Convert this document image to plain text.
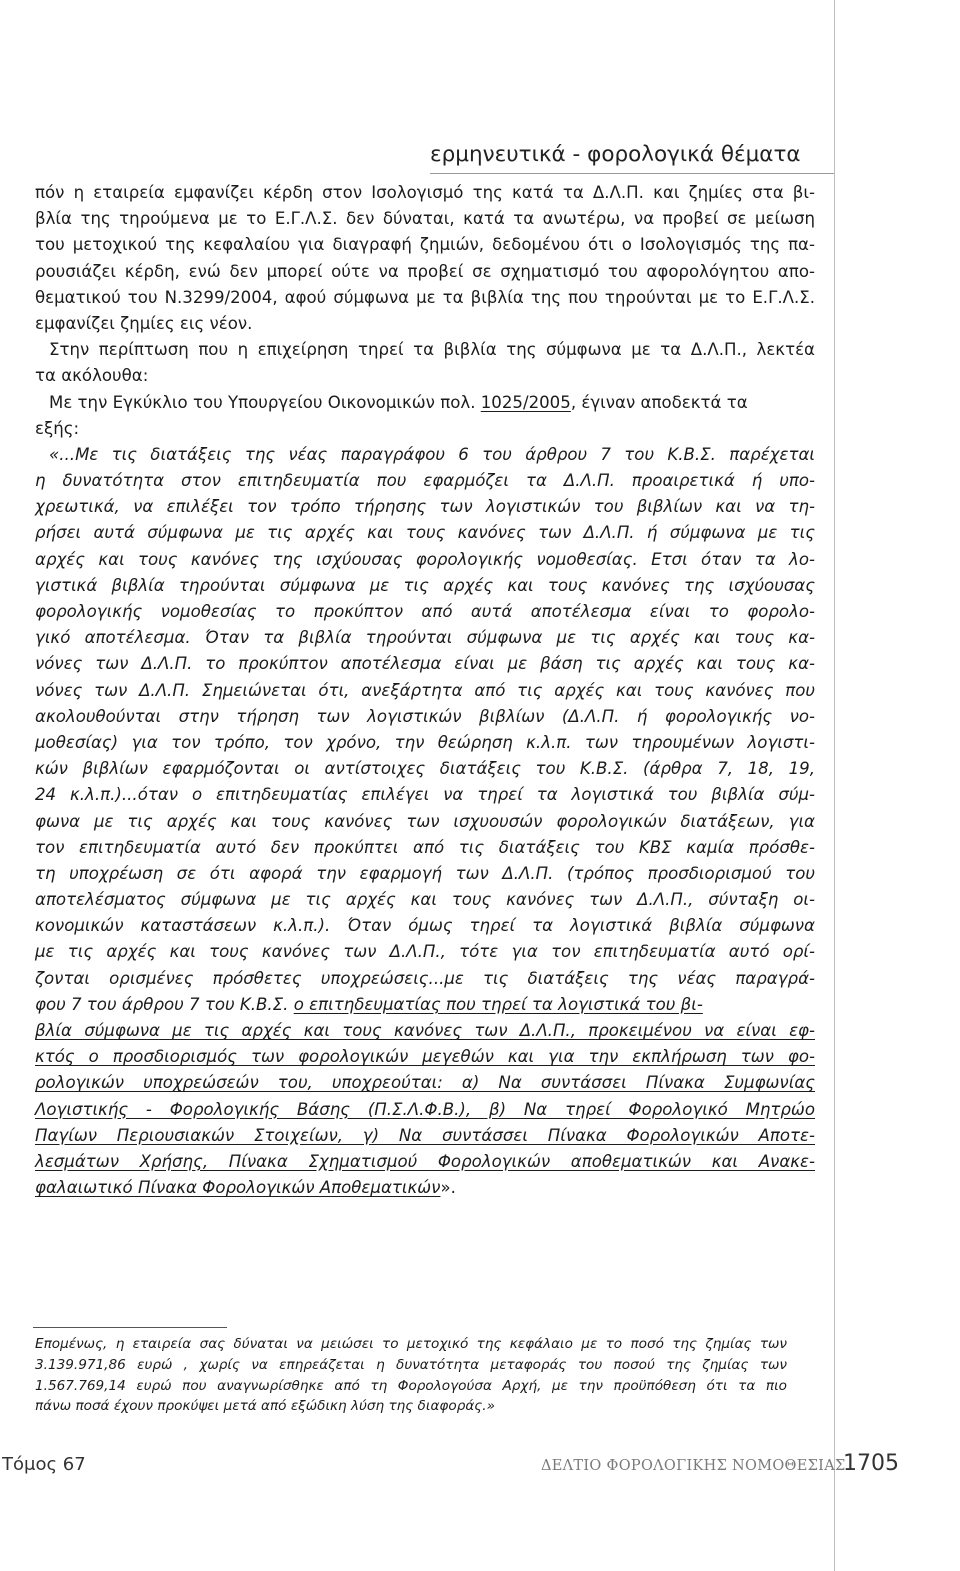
ερμηνευτικά - φορολογικά θέματα
πόν η εταιρεία εμφανίζει κέρδη στον Ισολογισμό της κατά τα Δ.Λ.Π. και ζημίες στα βι-
βλία της τηρούμενα με το Ε.Γ.Λ.Σ. δεν δύναται, κατά τα ανωτέρω, να προβεί σε μείωση
του μετοχικού της κεφαλαίου για διαγραφή ζημιών, δεδομένου ότι ο Ισολογισμός της πα-
ρουσιάζει κέρδη, ενώ δεν μπορεί ούτε να προβεί σε σχηματισμό του αφορολόγητου απο-
θεματικού του Ν.3299/2004, αφού σύμφωνα με τα βιβλία της που τηρούνται με το Ε.Γ.Λ.Σ.
εμφανίζει ζημίες εις νέον.
Στην περίπτωση που η επιχείρηση τηρεί τα βιβλία της σύμφωνα με τα Δ.Λ.Π., λεκτέα
τα ακόλουθα:
Με την Εγκύκλιο του Υπουργείου Οικονομικών πολ. 1025/2005, έγιναν αποδεκτά τα
εξής:
«...Με τις διατάξεις της νέας παραγράφου 6 του άρθρου 7 του Κ.Β.Σ. παρέχεται
η δυνατότητα στον επιτηδευματία που εφαρμόζει τα Δ.Λ.Π. προαιρετικά ή υπο-
χρεωτικά, να επιλέξει τον τρόπο τήρησης των λογιστικών του βιβλίων και να τη-
ρήσει αυτά σύμφωνα με τις αρχές και τους κανόνες των Δ.Λ.Π. ή σύμφωνα με τις
αρχές και τους κανόνες της ισχύουσας φορολογικής νομοθεσίας. Ετσι όταν τα λο-
γιστικά βιβλία τηρούνται σύμφωνα με τις αρχές και τους κανόνες της ισχύουσας
φορολογικής νομοθεσίας το προκύπτον από αυτά αποτέλεσμα είναι το φορολο-
γικό αποτέλεσμα. Όταν τα βιβλία τηρούνται σύμφωνα με τις αρχές και τους κα-
νόνες των Δ.Λ.Π. το προκύπτον αποτέλεσμα είναι με βάση τις αρχές και τους κα-
νόνες των Δ.Λ.Π. Σημειώνεται ότι, ανεξάρτητα από τις αρχές και τους κανόνες που
ακολουθούνται στην τήρηση των λογιστικών βιβλίων (Δ.Λ.Π. ή φορολογικής νο-
μοθεσίας) για τον τρόπο, τον χρόνο, την θεώρηση κ.λ.π. των τηρουμένων λογιστι-
κών βιβλίων εφαρμόζονται οι αντίστοιχες διατάξεις του Κ.Β.Σ. (άρθρα 7, 18, 19,
24 κ.λ.π.)...όταν ο επιτηδευματίας επιλέγει να τηρεί τα λογιστικά του βιβλία σύμ-
φωνα με τις αρχές και τους κανόνες των ισχυουσών φορολογικών διατάξεων, για
τον επιτηδευματία αυτό δεν προκύπτει από τις διατάξεις του ΚΒΣ καμία πρόσθε-
τη υποχρέωση σε ότι αφορά την εφαρμογή των Δ.Λ.Π. (τρόπος προσδιορισμού του
αποτελέσματος σύμφωνα με τις αρχές και τους κανόνες των Δ.Λ.Π., σύνταξη οι-
κονομικών καταστάσεων κ.λ.π.). Όταν όμως τηρεί τα λογιστικά βιβλία σύμφωνα
με τις αρχές και τους κανόνες των Δ.Λ.Π., τότε για τον επιτηδευματία αυτό ορί-
ζονται ορισμένες πρόσθετες υποχρεώσεις...με τις διατάξεις της νέας παραγρά-
φου 7 του άρθρου 7 του Κ.Β.Σ. ο επιτηδευματίας που τηρεί τα λογιστικά του βι-
βλία σύμφωνα με τις αρχές και τους κανόνες των Δ.Λ.Π., προκειμένου να είναι εφ-
κτός ο προσδιορισμός των φορολογικών μεγεθών και για την εκπλήρωση των φο-
ρολογικών υποχρεώσεών του, υποχρεούται: α) Να συντάσσει Πίνακα Συμφωνίας
Λογιστικής - Φορολογικής Βάσης (Π.Σ.Λ.Φ.Β.), β) Να τηρεί Φορολογικό Μητρώο
Παγίων Περιουσιακών Στοιχείων, γ) Να συντάσσει Πίνακα Φορολογικών Αποτε-
λεσμάτων Χρήσης, Πίνακα Σχηματισμού Φορολογικών αποθεματικών και Ανακε-
φαλαιωτικό Πίνακα Φορολογικών Αποθεματικών».
Επομένως, η εταιρεία σας δύναται να μειώσει το μετοχικό της κεφάλαιο με το ποσό της ζημίας των
3.139.971,86 ευρώ , χωρίς να επηρεάζεται η δυνατότητα μεταφοράς του ποσού της ζημίας των
1.567.769,14 ευρώ που αναγνωρίσθηκε από τη Φορολογούσα Αρχή, με την προϋπόθεση ότι τα πιο
πάνω ποσά έχουν προκύψει μετά από εξώδικη λύση της διαφοράς.»
Τόμος 67	ΔΕΛΤΙΟ ΦΟΡΟΛΟΓΙΚΗΣ ΝΟΜΟΘΕΣΙΑΣ
1705
